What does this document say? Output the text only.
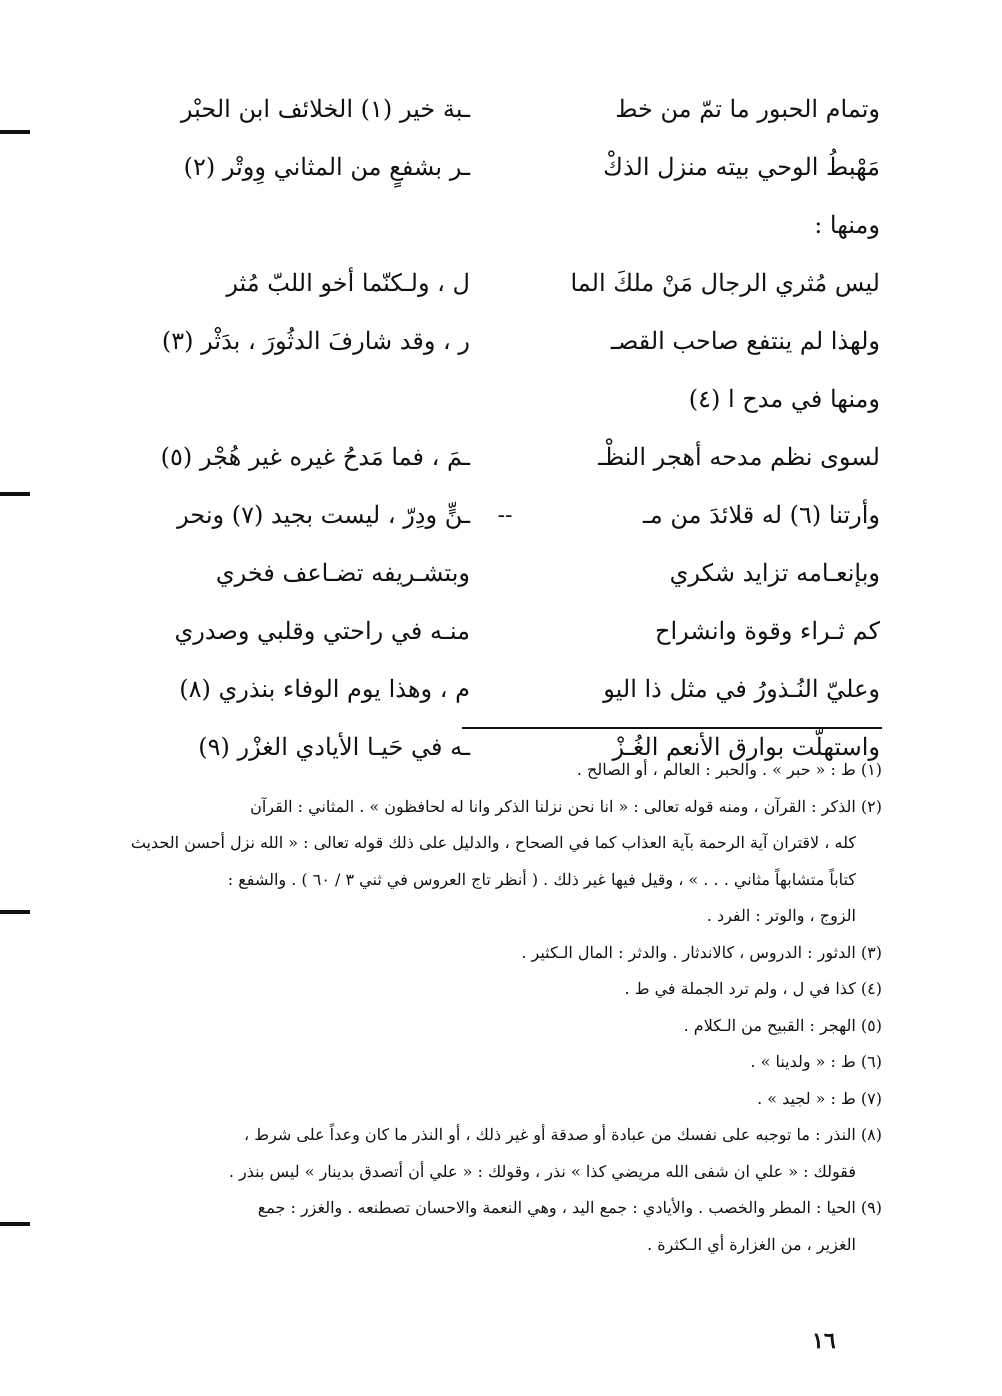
وتمام الحبور ما تمّ من خط
ـبة خير (١) الخلائف ابن الحبْر
مَهْبطُ الوحي بيته منزل الذكْ
ـر بشفعٍ من المثاني وِوتْر (٢)
ومنها :
ليس مُثري الرجال مَنْ ملكَ الما
ل ، ولـكنّما أخو اللبّ مُثر
ولهذا لم ينتفع صاحب القصـ
ر ، وقد شارفَ الدثُورَ ، بدَثْر (٣)
ومنها في مدح ا (٤)
لسوى نظم مدحه أهجر النظْـ
ـمَ ، فما مَدحُ غيره غير هُجْر (٥)
وأرتنا (٦) له قلائدَ من مـ
--
ـنٍّ ودِرّ ، ليست بجيد (٧) ونحر
وبإنعـامه تزايد شكري
وبتشـريفه تضـاعف فخري
كم ثـراء وقوة وانشراح
منـه في راحتي وقلبي وصدري
وعليّ النُـذورُ في مثل ذا اليو
م ، وهذا يوم الوفاء بنذري (٨)
واستهلّت بوارق الأنعم الغُـزْ
ـه في حَيـا الأيادي الغزْر (٩)
(١) ط : « حبر » . والحبر : العالم ، أو الصالح .
(٢) الذكر : القرآن ، ومنه قوله تعالى : « انا نحن نزلنا الذكر وانا له لحافظون » . المثاني : القرآن
كله ، لاقتران آية الرحمة بآية العذاب كما في الصحاح ، والدليل على ذلك قوله تعالى : « الله نزل أحسن الحديث
كتاباً متشابهاً مثاني . . . » ، وقيل فيها غير ذلك . ( أنظر تاج العروس في ثني ٣ / ٦٠ ) . والشفع :
الزوج ، والوتر : الفرد .
(٣) الدثور : الدروس ، كالاندثار . والدثر : المال الـكثير .
(٤) كذا في ل ، ولم ترد الجملة في ط .
(٥) الهجر : القبيح من الـكلام .
(٦) ط : « ولدينا » .
(٧) ط : « لجيد » .
(٨) النذر : ما توجبه على نفسك من عبادة أو صدقة أو غير ذلك ، أو النذر ما كان وعداً على شرط ،
فقولك : « علي ان شفى الله مريضي كذا » نذر ، وقولك : « علي أن أتصدق بدينار » ليس بنذر .
(٩) الحيا : المطر والخصب . والأيادي : جمع اليد ، وهي النعمة والاحسان تصطنعه . والغزر : جمع
الغزير ، من الغزارة أي الـكثرة .
١٦
